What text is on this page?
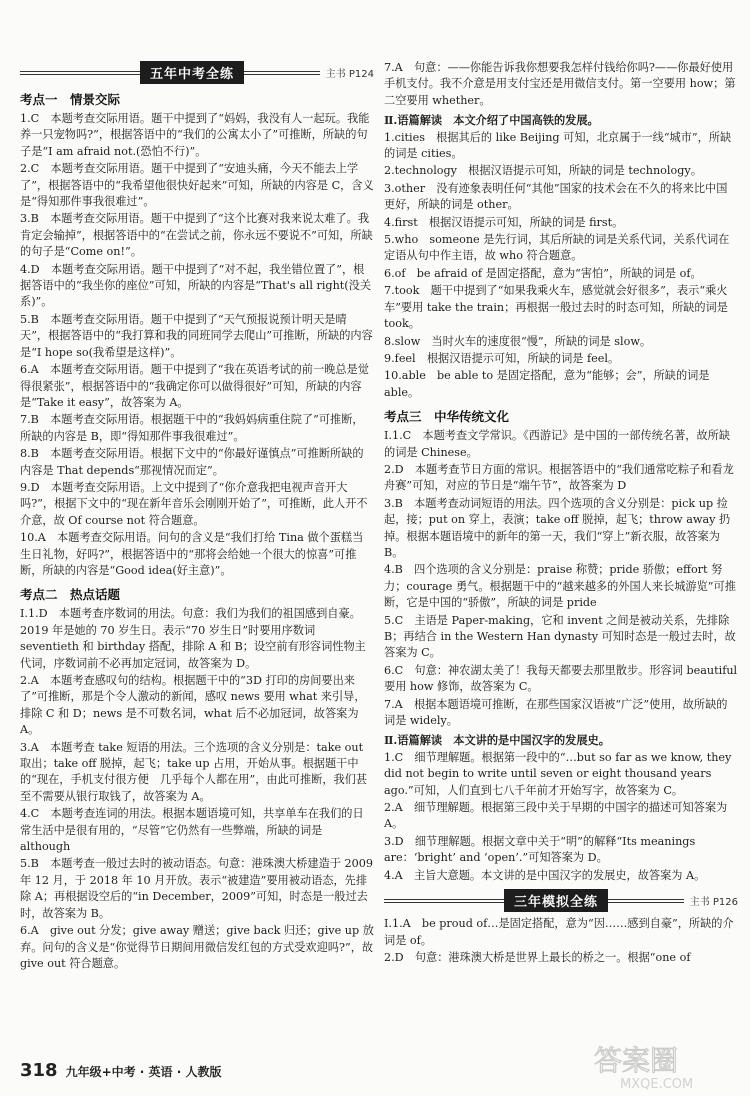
五年中考全练	主书 P124
考点一　情景交际
1.C　本题考查交际用语。题干中提到了“妈妈，我没有人一起玩。我能养一只宠物吗?”，根据答语中的“我们的公寓太小了”可推断，所缺的句子是“I am afraid not.(恐怕不行)”。
2.C　本题考查交际用语。题干中提到了“安迪头痛，今天不能去上学了”，根据答语中的“我希望他很快好起来”可知，所缺的内容是 C，含义是“得知那件事我很难过”。
3.B　本题考查交际用语。题干中提到了“这个比赛对我来说太难了。我肯定会输掉”，根据答语中的“在尝试之前，你永远不要说不”可知，所缺的句子是“Come on!”。
4.D　本题考查交际用语。题干中提到了“对不起，我坐错位置了”，根据答语中的“我坐你的座位”可知，所缺的内容是“That's all right(没关系)”。
5.B　本题考查交际用语。题干中提到了“天气预报说预计明天是晴天”，根据答语中的“我打算和我的同班同学去爬山”可推断，所缺的内容是“I hope so(我希望是这样)”。
6.A　本题考查交际用语。题干中提到了“我在英语考试的前一晚总是觉得很紧张”，根据答语中的“我确定你可以做得很好”可知，所缺的内容是“Take it easy”，故答案为 A。
7.B　本题考查交际用语。根据题干中的“我妈妈病重住院了”可推断，所缺的内容是 B，即“得知那件事我很难过”。
8.B　本题考查交际用语。根据下文中的“你最好谨慎点”可推断所缺的内容是 That depends“那视情况而定”。
9.D　本题考查交际用语。上文中提到了“你介意我把电视声音开大吗?”，根据下文中的“现在新年音乐会刚刚开始了”，可推断，此人开不介意，故 Of course not 符合题意。
10.A　本题考查交际用语。问句的含义是“我们打给 Tina 做个蛋糕当生日礼物，好吗?”，根据答语中的“那将会给她一个很大的惊喜”可推断，所缺的内容是“Good idea(好主意)”。
考点二　热点话题
Ⅰ.1.D　本题考查序数词的用法。句意：我们为我们的祖国感到自豪。2019 年是她的 70 岁生日。表示“70 岁生日”时要用序数词 seventieth 和 birthday 搭配，排除 A 和 B；设空前有形容词性物主代词，序数词前不必再加定冠词，故答案为 D。
2.A　本题考查感叹句的结构。根据题干中的“3D 打印的房间要出来了”可推断，那是个令人激动的新闻，感叹 news 要用 what 来引导，排除 C 和 D；news 是不可数名词，what 后不必加冠词，故答案为 A。
3.A　本题考查 take 短语的用法。三个选项的含义分别是：take out 取出；take off 脱掉，起飞；take up 占用，开始从事。根据题干中的“现在，手机支付很方便　几乎每个人都在用”，由此可推断，我们甚至不需要从银行取钱了，故答案为 A。
4.C　本题考查连词的用法。根据本题语境可知，共享单车在我们的日常生活中是很有用的，“尽管”它仍然有一些弊端，所缺的词是 although
5.B　本题考查一般过去时的被动语态。句意：港珠澳大桥建造于 2009 年 12 月，于 2018 年 10 月开放。表示“被建造”要用被动语态，先排除 A；再根据设空后的“in December，2009”可知，时态是一般过去时，故答案为 B。
6.A　give out 分发；give away 赠送；give back 归还；give up 放弃。问句的含义是“你觉得节日期间用微信发红包的方式受欢迎吗?”，故 give out 符合题意。
7.A　句意：——你能告诉我你想要我怎样付钱给你吗?——你最好使用手机支付。我不介意是用支付宝还是用微信支付。第一空要用 how；第二空要用 whether。
Ⅱ.语篇解读　本文介绍了中国高铁的发展。
1.cities　根据其后的 like Beijing 可知，北京属于一线“城市”，所缺的词是 cities。
2.technology　根据汉语提示可知，所缺的词是 technology。
3.other　没有迹象表明任何“其他”国家的技术会在不久的将来比中国更好，所缺的词是 other。
4.first　根据汉语提示可知，所缺的词是 first。
5.who　someone 是先行词，其后所缺的词是关系代词，关系代词在定语从句中作主语，故 who 符合题意。
6.of　be afraid of 是固定搭配，意为“害怕”，所缺的词是 of。
7.took　题干中提到了“如果我乘火车，感觉就会好很多”，表示“乘火车”要用 take the train；再根据一般过去时的时态可知，所缺的词是 took。
8.slow　当时火车的速度很“慢”，所缺的词是 slow。
9.feel　根据汉语提示可知，所缺的词是 feel。
10.able　be able to 是固定搭配，意为“能够；会”，所缺的词是 able。
考点三　中华传统文化
Ⅰ.1.C　本题考查文学常识。《西游记》是中国的一部传统名著，故所缺的词是 Chinese。
2.D　本题考查节日方面的常识。根据答语中的“我们通常吃粽子和看龙舟赛”可知，对应的节日是“端午节”，故答案为 D
3.B　本题考查动词短语的用法。四个选项的含义分别是：pick up 捡起，接；put on 穿上，表演；take off 脱掉，起飞；throw away 扔掉。根据本题语境中的新年的第一天，我们“穿上”新衣服，故答案为 B。
4.B　四个选项的含义分别是：praise 称赞；pride 骄傲；effort 努力；courage 勇气。根据题干中的“越来越多的外国人来长城游览”可推断，它是中国的“骄傲”，所缺的词是 pride
5.C　主语是 Paper-making，它和 invent 之间是被动关系，先排除 B；再结合 in the Western Han dynasty 可知时态是一般过去时，故答案为 C。
6.C　句意：神农湖太美了！我每天都要去那里散步。形容词 beautiful 要用 how 修饰，故答案为 C。
7.A　根据本题语境可推断，在那些国家汉语被“广泛”使用，故所缺的词是 widely。
Ⅱ.语篇解读　本文讲的是中国汉字的发展史。
1.C　细节理解题。根据第一段中的“…but so far as we know, they did not begin to write until seven or eight thousand years ago.”可知，人们直到七八千年前才开始写字，故答案为 C。
2.A　细节理解题。根据第三段中关于早期的中国字的描述可知答案为 A。
3.D　细节理解题。根据文章中关于“明”的解释“Its meanings are：‘bright’ and ‘open’.”可知答案为 D。
4.A　主旨大意题。本文讲的是中国汉字的发展史，故答案为 A。
三年模拟全练	主书 P126
Ⅰ.1.A　be proud of…是固定搭配，意为“因……感到自豪”，所缺的介词是 of。
2.D　句意：港珠澳大桥是世界上最长的桥之一。根据“one of
318 九年级+中考 · 英语 · 人教版	答案圈
MXQE.COM
